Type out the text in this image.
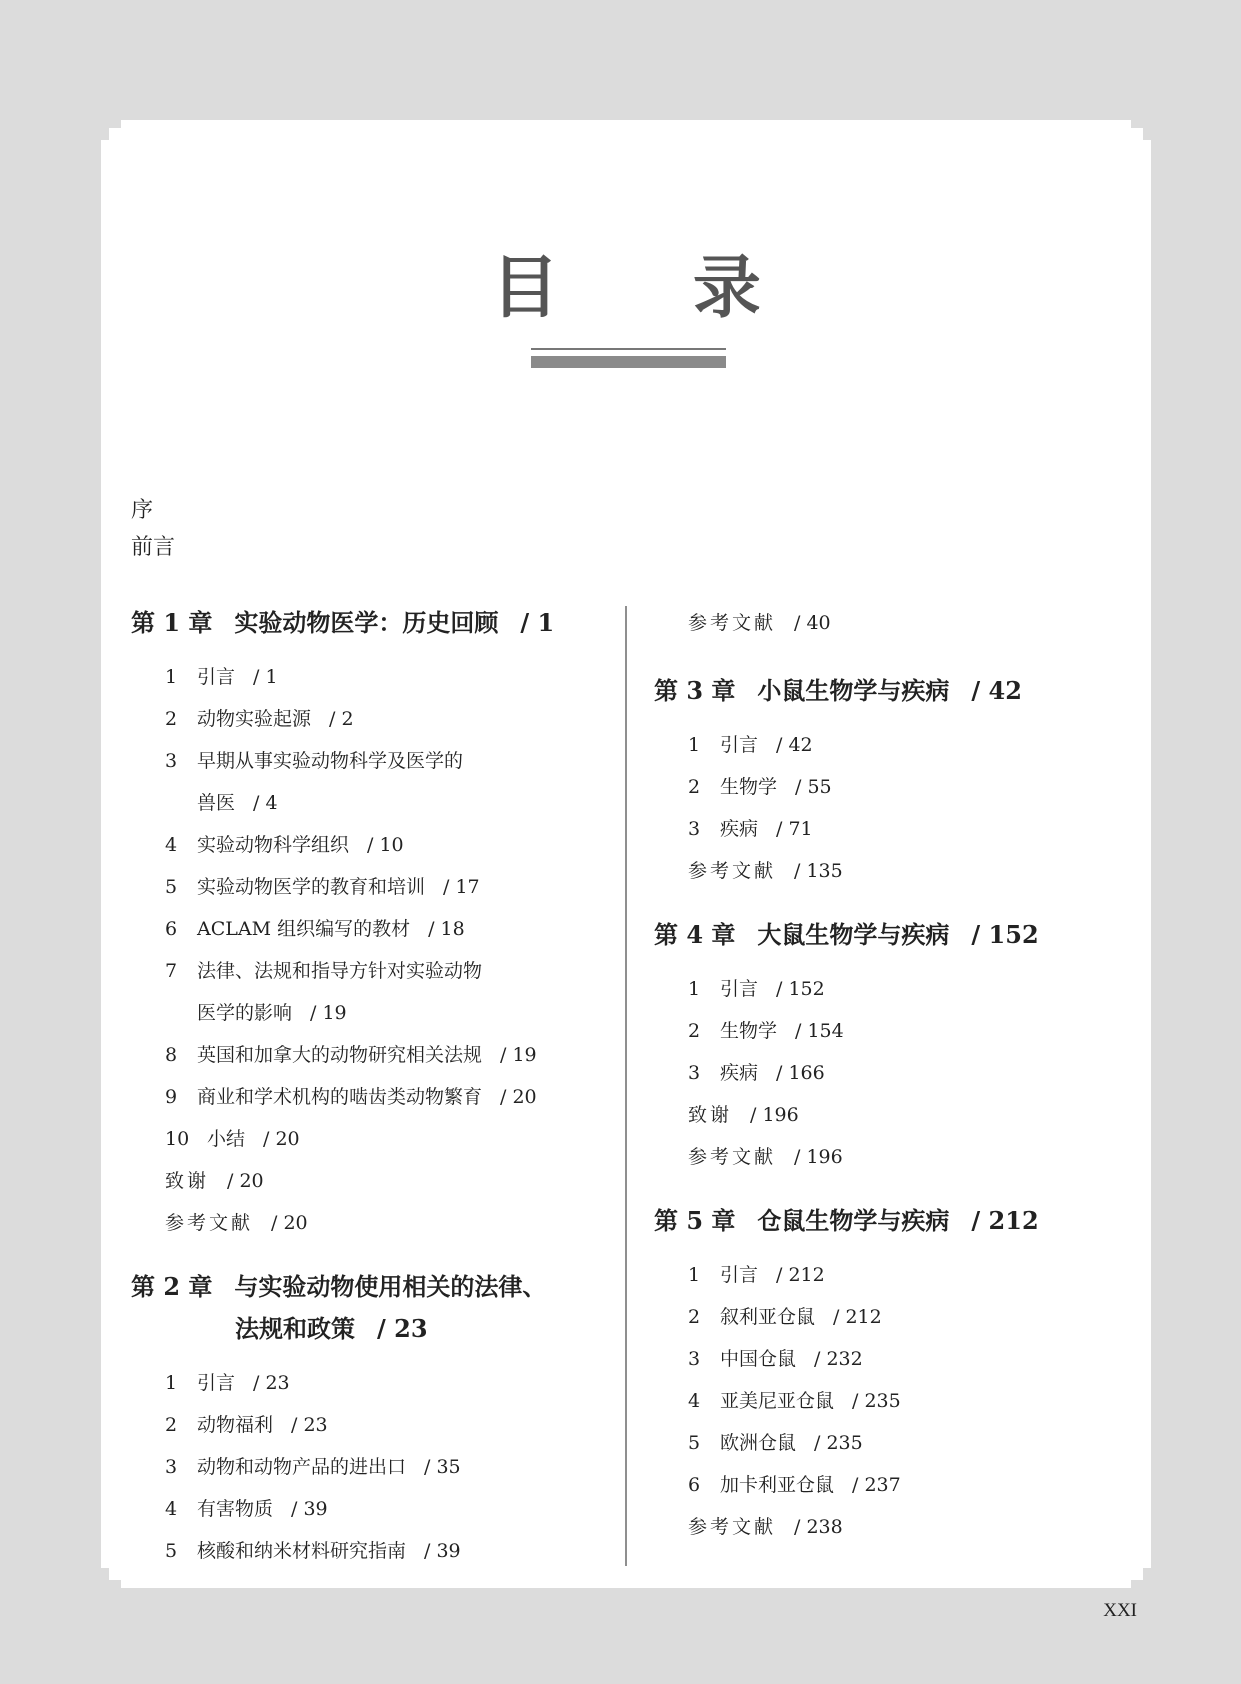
目 录
序
前言
第 1 章 实验动物医学：历史回顾 / 1
1 引言 / 1
2 动物实验起源 / 2
3 早期从事实验动物科学及医学的
兽医 / 4
4 实验动物科学组织 / 10
5 实验动物医学的教育和培训 / 17
6 ACLAM 组织编写的教材 / 18
7 法律、法规和指导方针对实验动物
医学的影响 / 19
8 英国和加拿大的动物研究相关法规 / 19
9 商业和学术机构的啮齿类动物繁育 / 20
10 小结 / 20
致谢 / 20
参考文献 / 20
第 2 章 与实验动物使用相关的法律、
法规和政策 / 23
1 引言 / 23
2 动物福利 / 23
3 动物和动物产品的进出口 / 35
4 有害物质 / 39
5 核酸和纳米材料研究指南 / 39
参考文献 / 40
第 3 章 小鼠生物学与疾病 / 42
1 引言 / 42
2 生物学 / 55
3 疾病 / 71
参考文献 / 135
第 4 章 大鼠生物学与疾病 / 152
1 引言 / 152
2 生物学 / 154
3 疾病 / 166
致谢 / 196
参考文献 / 196
第 5 章 仓鼠生物学与疾病 / 212
1 引言 / 212
2 叙利亚仓鼠 / 212
3 中国仓鼠 / 232
4 亚美尼亚仓鼠 / 235
5 欧洲仓鼠 / 235
6 加卡利亚仓鼠 / 237
参考文献 / 238
XXI
